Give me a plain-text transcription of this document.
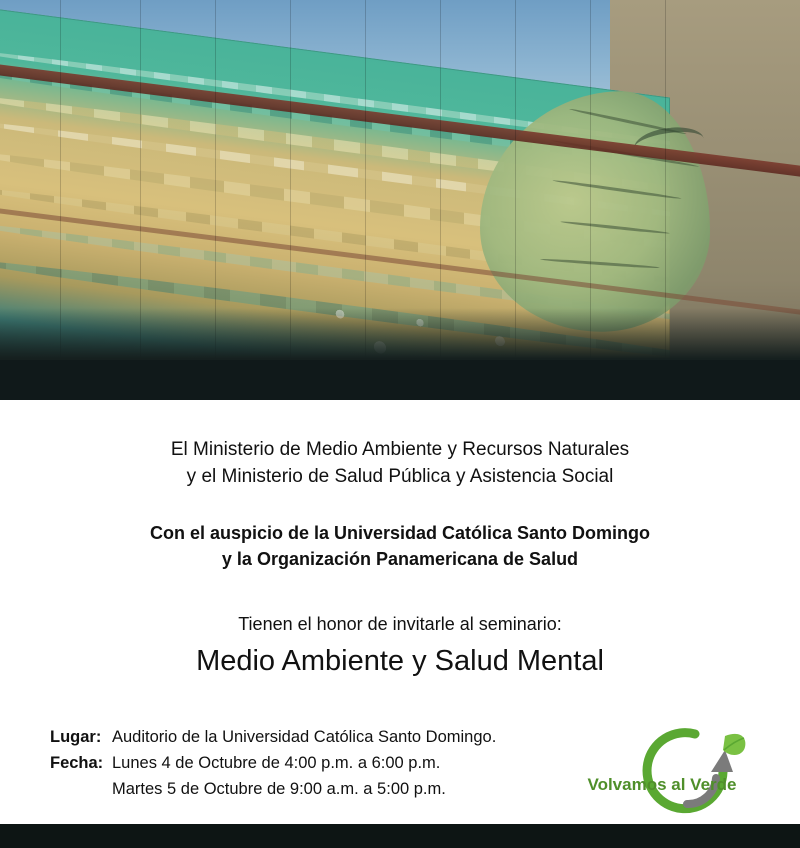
El Ministerio de Medio Ambiente y Recursos Naturales
y el Ministerio de Salud Pública y Asistencia Social
Con el auspicio de la Universidad Católica Santo Domingo
y la Organización Panamericana de Salud
Tienen el honor de invitarle al seminario:
Medio Ambiente y Salud Mental
Lugar: Auditorio de la Universidad Católica Santo Domingo.
Fecha: Lunes 4 de Octubre de 4:00 p.m. a 6:00 p.m.
Martes 5 de Octubre de 9:00 a.m. a 5:00 p.m.	Volvamos al Verde
